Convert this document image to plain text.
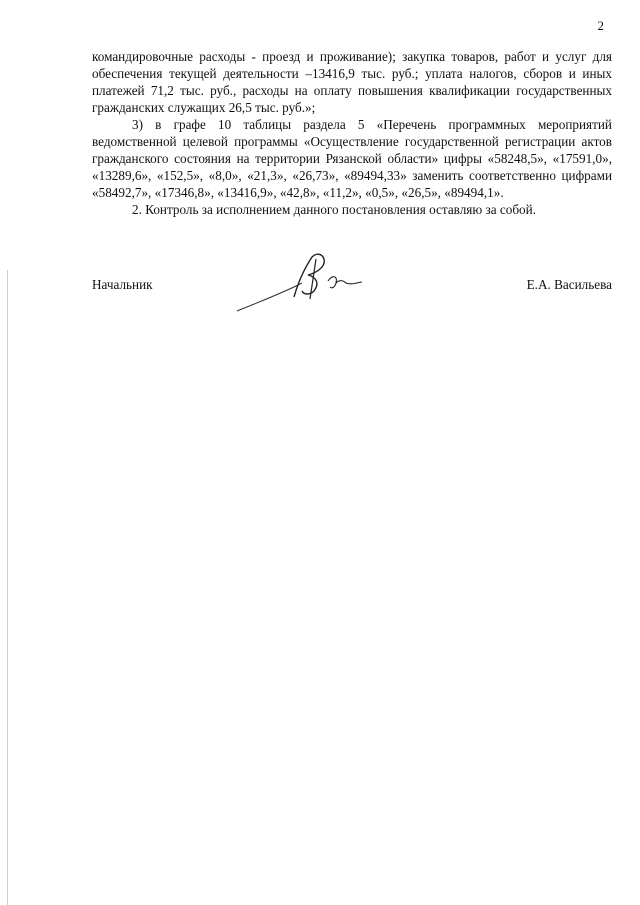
2

командировочные расходы - проезд и проживание); закупка товаров, работ и услуг для обеспечения текущей деятельности –13416,9 тыс. руб.; уплата налогов, сборов и иных платежей 71,2 тыс. руб., расходы на оплату повышения квалификации государственных гражданских служащих 26,5 тыс. руб.»;

3) в графе 10 таблицы раздела 5 «Перечень программных мероприятий ведомственной целевой программы «Осуществление государственной регистрации актов гражданского состояния на территории Рязанской области» цифры «58248,5», «17591,0», «13289,6», «152,5», «8,0», «21,3», «26,73», «89494,33» заменить соответственно цифрами «58492,7», «17346,8», «13416,9», «42,8», «11,2», «0,5», «26,5», «89494,1».

2. Контроль за исполнением данного постановления оставляю за собой.

Начальник	Е.А. Васильева
